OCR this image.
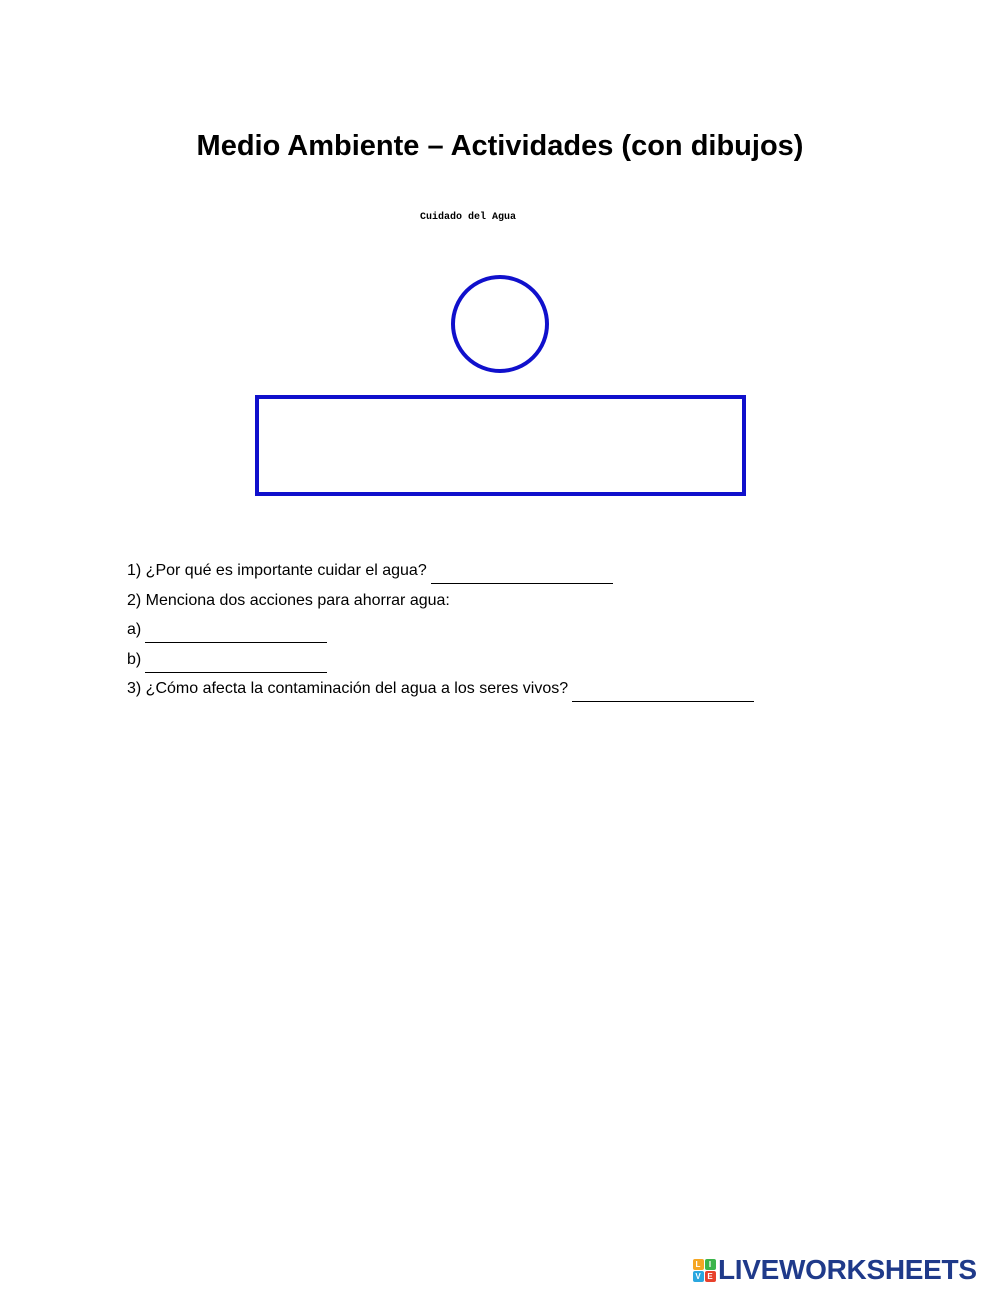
Medio Ambiente – Actividades (con dibujos)
Cuidado del Agua
1) ¿Por qué es importante cuidar el agua?
2) Menciona dos acciones para ahorrar agua:
a)
b)
3) ¿Cómo afecta la contaminación del agua a los seres vivos?
L	I
V E LIVEWORKSHEETS
